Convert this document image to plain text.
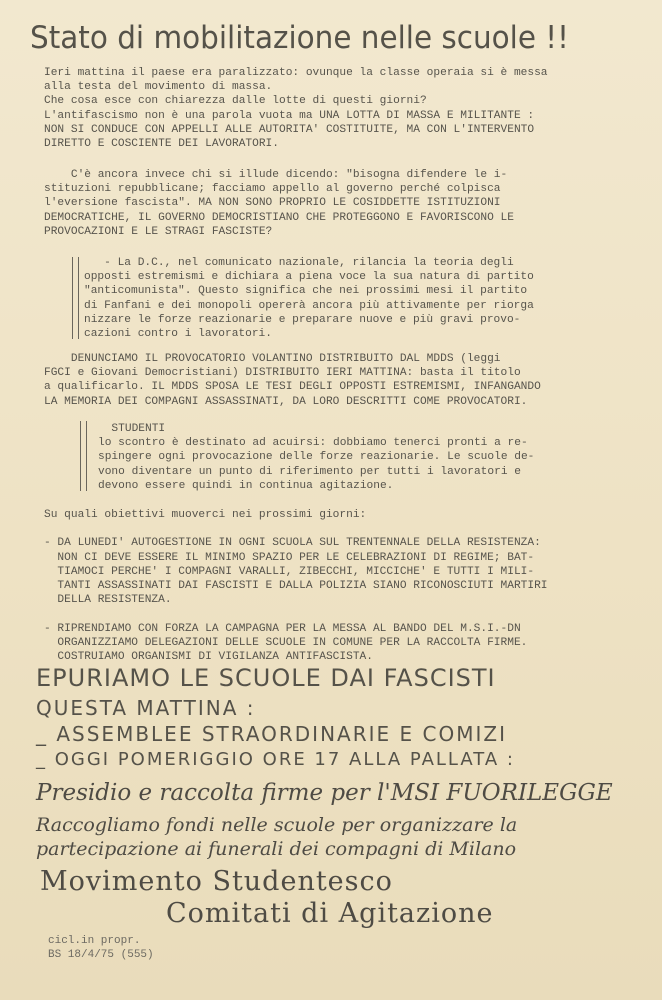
Stato di mobilitazione nelle scuole !!
Ieri mattina il paese era paralizzato: ovunque la classe operaia si è messa
alla testa del movimento di massa.
Che cosa esce con chiarezza dalle lotte di questi giorni?
L'antifascismo non è una parola vuota ma UNA LOTTA DI MASSA E MILITANTE :
NON SI CONDUCE CON APPELLI ALLE AUTORITA' COSTITUITE, MA CON L'INTERVENTO
DIRETTO E COSCIENTE DEI LAVORATORI.
C'è ancora invece chi si illude dicendo: "bisogna difendere le i-
stituzioni repubblicane; facciamo appello al governo perché colpisca
l'eversione fascista". MA NON SONO PROPRIO LE COSIDDETTE ISTITUZIONI
DEMOCRATICHE, IL GOVERNO DEMOCRISTIANO CHE PROTEGGONO E FAVORISCONO LE
PROVOCAZIONI E LE STRAGI FASCISTE?
- La D.C., nel comunicato nazionale, rilancia la teoria degli
opposti estremismi e dichiara a piena voce la sua natura di partito
"anticomunista". Questo significa che nei prossimi mesi il partito
di Fanfani e dei monopoli opererà ancora più attivamente per riorga
nizzare le forze reazionarie e preparare nuove e più gravi provo-
cazioni contro i lavoratori.
DENUNCIAMO IL PROVOCATORIO VOLANTINO DISTRIBUITO DAL MDDS (leggi
FGCI e Giovani Democristiani) DISTRIBUITO IERI MATTINA: basta il titolo
a qualificarlo. IL MDDS SPOSA LE TESI DEGLI OPPOSTI ESTREMISMI, INFANGANDO
LA MEMORIA DEI COMPAGNI ASSASSINATI, DA LORO DESCRITTI COME PROVOCATORI.
STUDENTI
lo scontro è destinato ad acuirsi: dobbiamo tenerci pronti a re-
spingere ogni provocazione delle forze reazionarie. Le scuole de-
vono diventare un punto di riferimento per tutti i lavoratori e
devono essere quindi in continua agitazione.
Su quali obiettivi muoverci nei prossimi giorni:

- DA LUNEDI' AUTOGESTIONE IN OGNI SCUOLA SUL TRENTENNALE DELLA RESISTENZA:
NON CI DEVE ESSERE IL MINIMO SPAZIO PER LE CELEBRAZIONI DI REGIME; BAT-
TIAMOCI PERCHE' I COMPAGNI VARALLI, ZIBECCHI, MICCICHE' E TUTTI I MILI-
TANTI ASSASSINATI DAI FASCISTI E DALLA POLIZIA SIANO RICONOSCIUTI MARTIRI
DELLA RESISTENZA.

- RIPRENDIAMO CON FORZA LA CAMPAGNA PER LA MESSA AL BANDO DEL M.S.I.-DN
ORGANIZZIAMO DELEGAZIONI DELLE SCUOLE IN COMUNE PER LA RACCOLTA FIRME.
COSTRUIAMO ORGANISMI DI VIGILANZA ANTIFASCISTA.
EPURIAMO LE SCUOLE DAI FASCISTI
QUESTA MATTINA :
_ ASSEMBLEE STRAORDINARIE E COMIZI
_ OGGI POMERIGGIO ORE 17 ALLA PALLATA :
Presidio e raccolta firme per l'MSI FUORILEGGE
Raccogliamo fondi nelle scuole per organizzare la
partecipazione ai funerali dei compagni di Milano
Movimento Studentesco
Comitati di Agitazione
cicl.in propr.
BS 18/4/75 (555)
